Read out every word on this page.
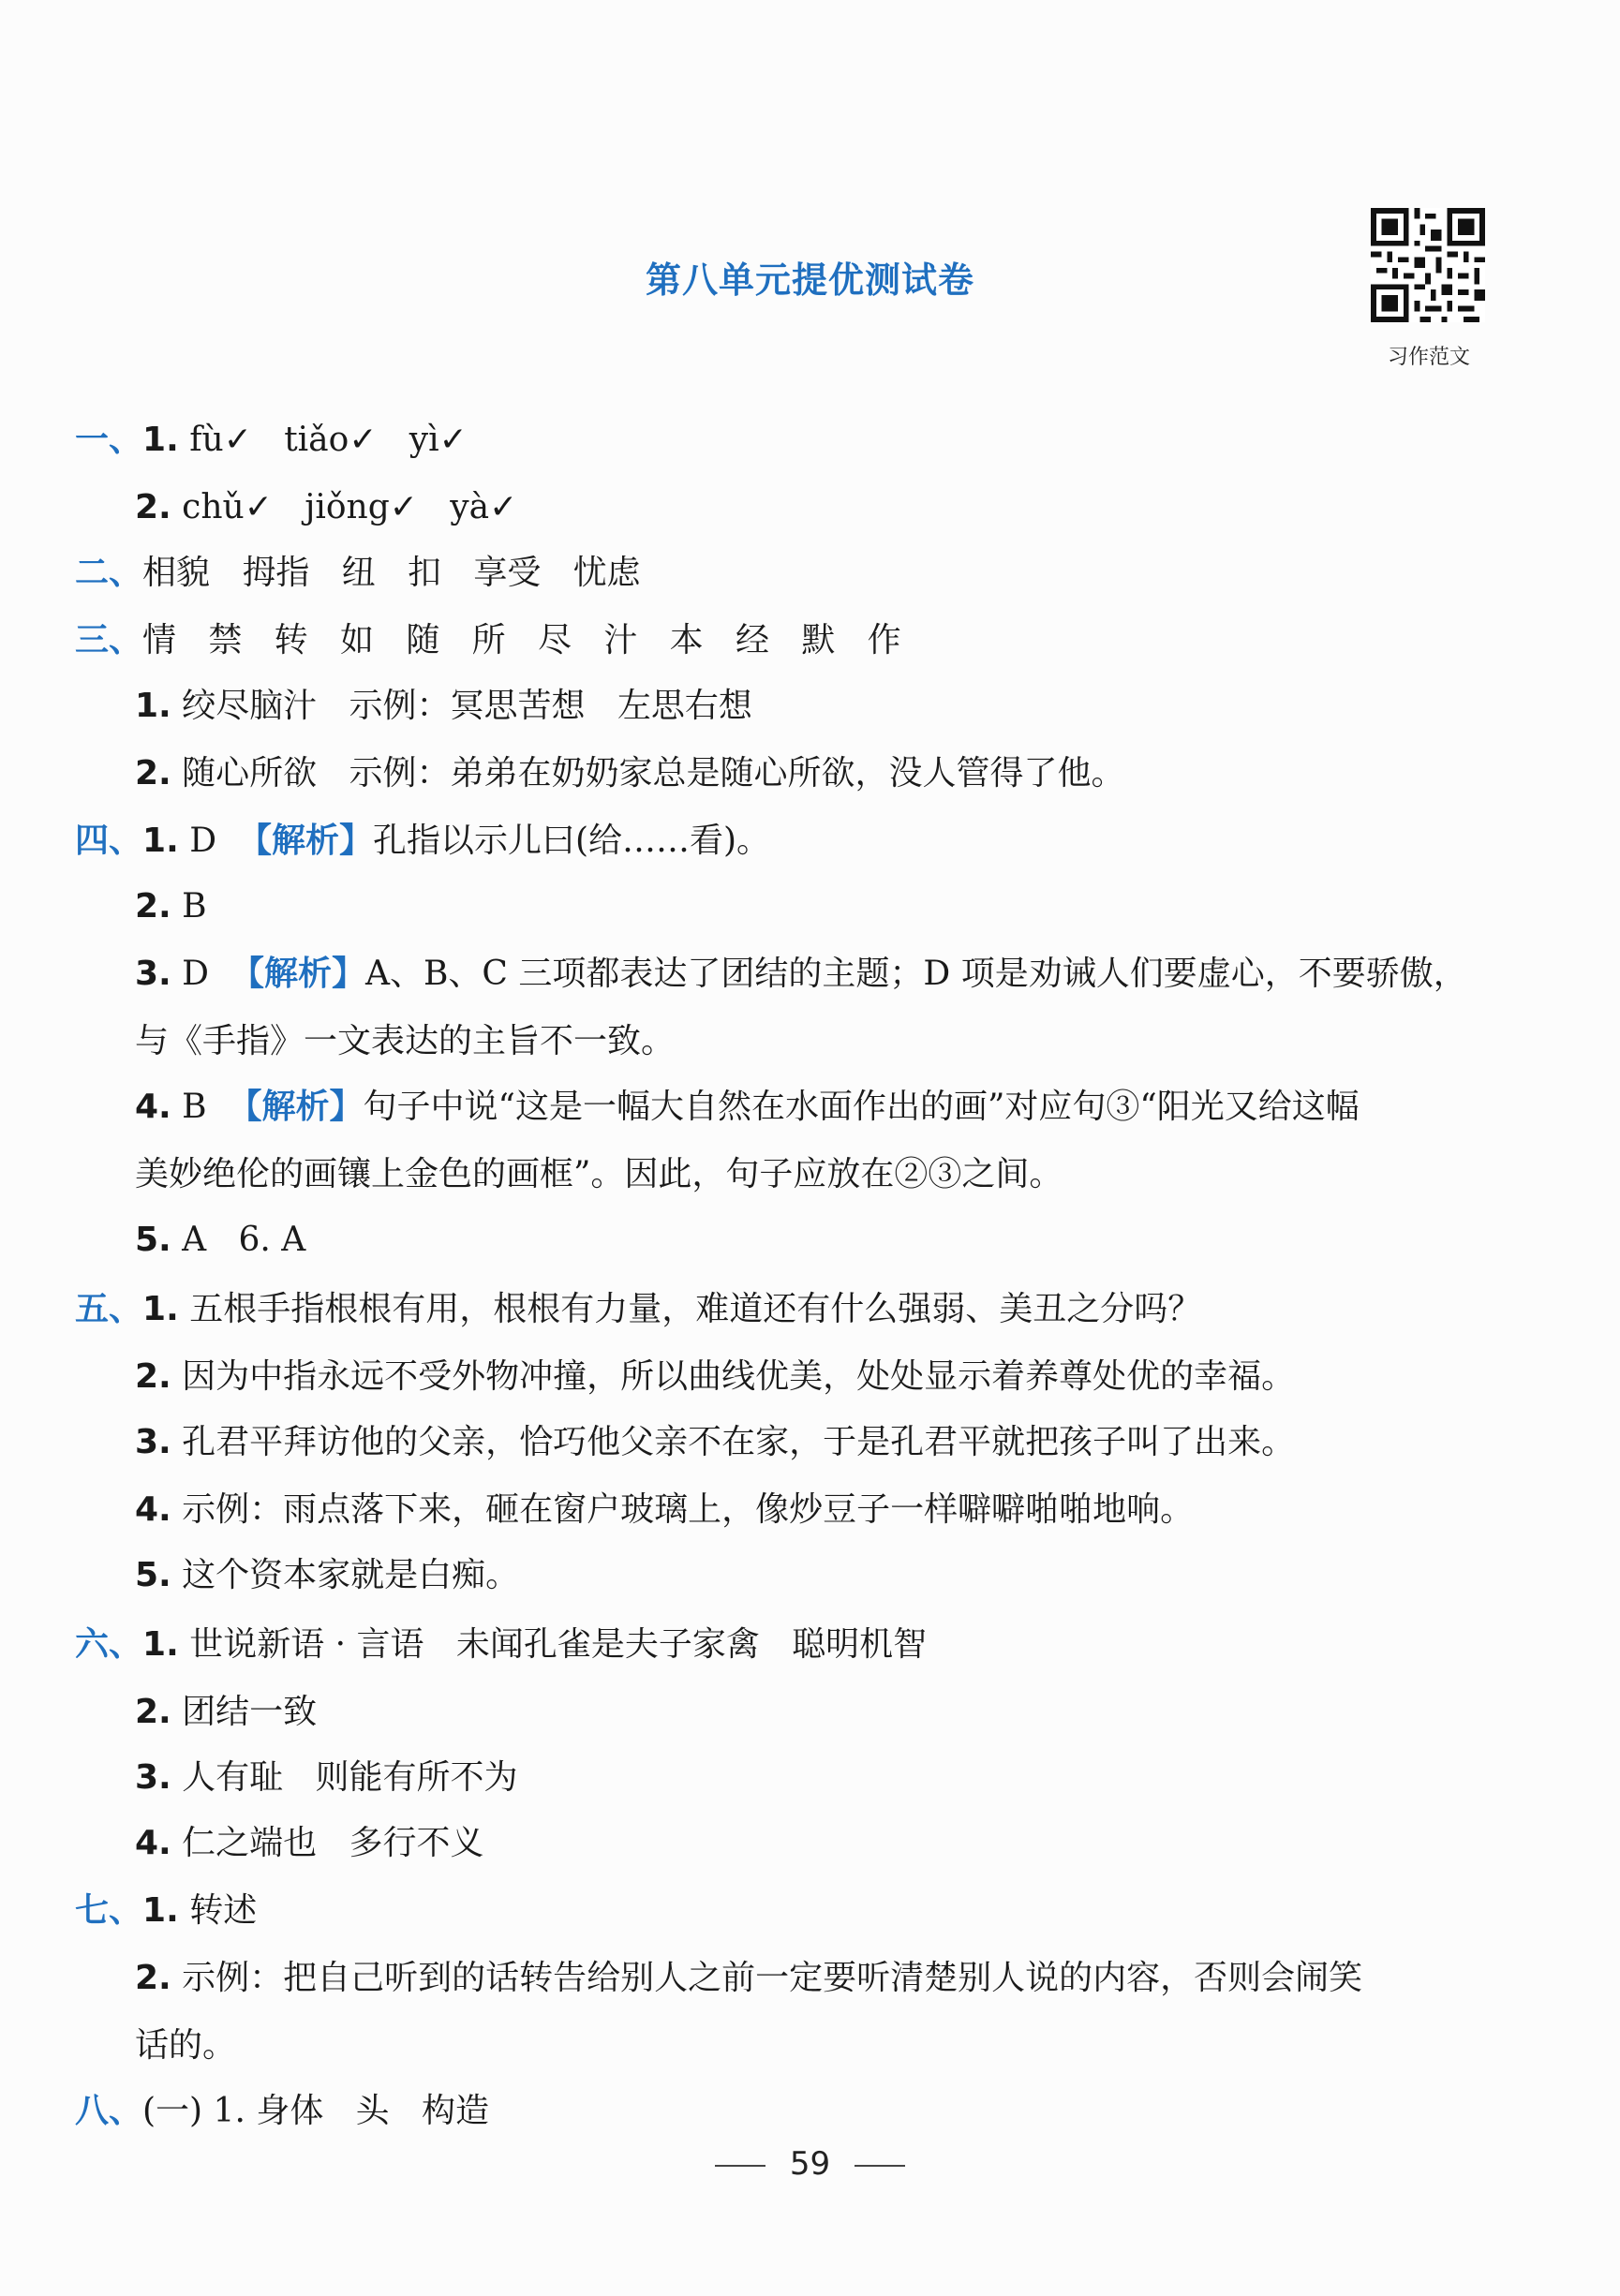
第八单元提优测试卷
习作范文
一、1. fù✓   tiǎo✓   yì✓
2. chǔ✓   jiǒng✓   yà✓
二、相貌   拇指   纽   扣   享受   忧虑
三、情   禁   转   如   随   所   尽   汁   本   经   默   作
1. 绞尽脑汁   示例：冥思苦想   左思右想
2. 随心所欲   示例：弟弟在奶奶家总是随心所欲，没人管得了他。
四、1. D  【解析】孔指以示儿曰(给……看)。
2. B
3. D  【解析】A、B、C 三项都表达了团结的主题；D 项是劝诫人们要虚心，不要骄傲，
与《手指》一文表达的主旨不一致。
4. B  【解析】句子中说“这是一幅大自然在水面作出的画”对应句③“阳光又给这幅
美妙绝伦的画镶上金色的画框”。因此，句子应放在②③之间。
5. A   6. A
五、1. 五根手指根根有用，根根有力量，难道还有什么强弱、美丑之分吗？
2. 因为中指永远不受外物冲撞，所以曲线优美，处处显示着养尊处优的幸福。
3. 孔君平拜访他的父亲，恰巧他父亲不在家，于是孔君平就把孩子叫了出来。
4. 示例：雨点落下来，砸在窗户玻璃上，像炒豆子一样噼噼啪啪地响。
5. 这个资本家就是白痴。
六、1. 世说新语 · 言语   未闻孔雀是夫子家禽   聪明机智
2. 团结一致
3. 人有耻   则能有所不为
4. 仁之端也   多行不义
七、1. 转述
2. 示例：把自己听到的话转告给别人之前一定要听清楚别人说的内容，否则会闹笑
话的。
八、(一) 1. 身体   头   构造
59
